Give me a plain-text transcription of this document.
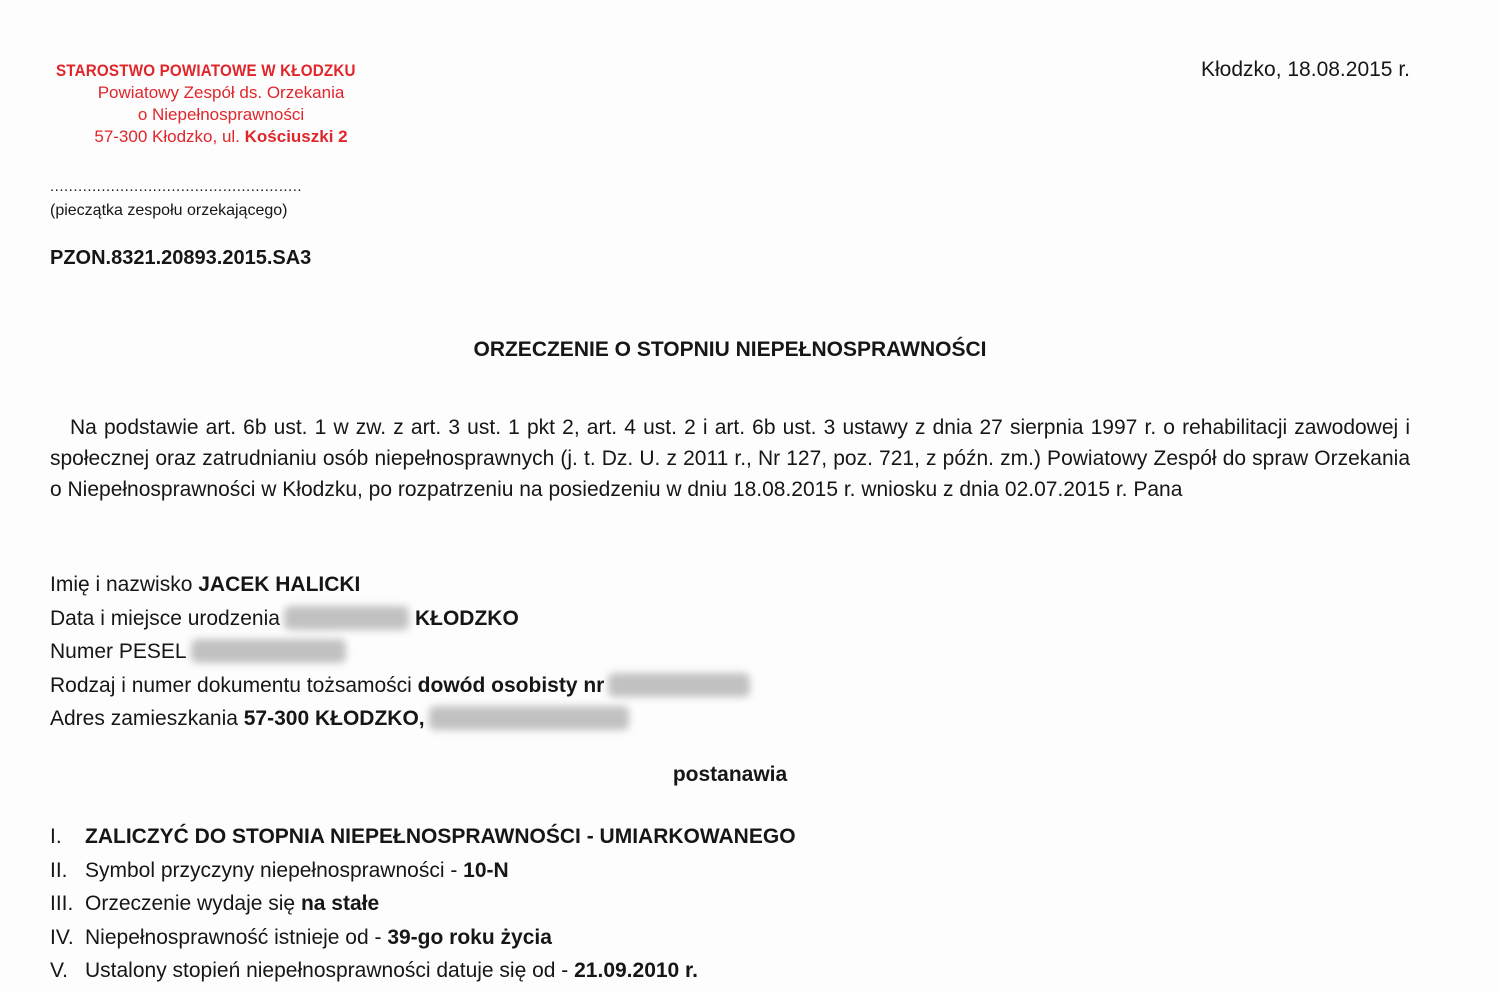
STAROSTWO POWIATOWE W KŁODZKU
Powiatowy Zespół ds. Orzekania
o Niepełnosprawności
57-300 Kłodzko, ul. Kościuszki 2
Kłodzko, 18.08.2015 r.
......................................................
(pieczątka zespołu orzekającego)
PZON.8321.20893.2015.SA3
ORZECZENIE O STOPNIU NIEPEŁNOSPRAWNOŚCI
Na podstawie art. 6b ust. 1 w zw. z art. 3 ust. 1 pkt 2, art. 4 ust. 2 i art. 6b ust. 3 ustawy z dnia 27 sierpnia 1997 r. o rehabilitacji zawodowej i społecznej oraz zatrudnianiu osób niepełnosprawnych (j. t. Dz. U. z 2011 r., Nr 127, poz. 721, z późn. zm.) Powiatowy Zespół do spraw Orzekania o Niepełnosprawności w Kłodzku, po rozpatrzeniu na posiedzeniu w dniu 18.08.2015 r. wniosku z dnia 02.07.2015 r. Pana
Imię i nazwisko JACEK HALICKI
Data i miejsce urodzenia	KŁODZKO
Numer PESEL
Rodzaj i numer dokumentu tożsamości dowód osobisty nr
Adres zamieszkania 57-300 KŁODZKO,
postanawia
I. ZALICZYĆ DO STOPNIA NIEPEŁNOSPRAWNOŚCI - UMIARKOWANEGO
II. Symbol przyczyny niepełnosprawności - 10-N
III. Orzeczenie wydaje się na stałe
IV. Niepełnosprawność istnieje od - 39-go roku życia
V. Ustalony stopień niepełnosprawności datuje się od - 21.09.2010 r.
